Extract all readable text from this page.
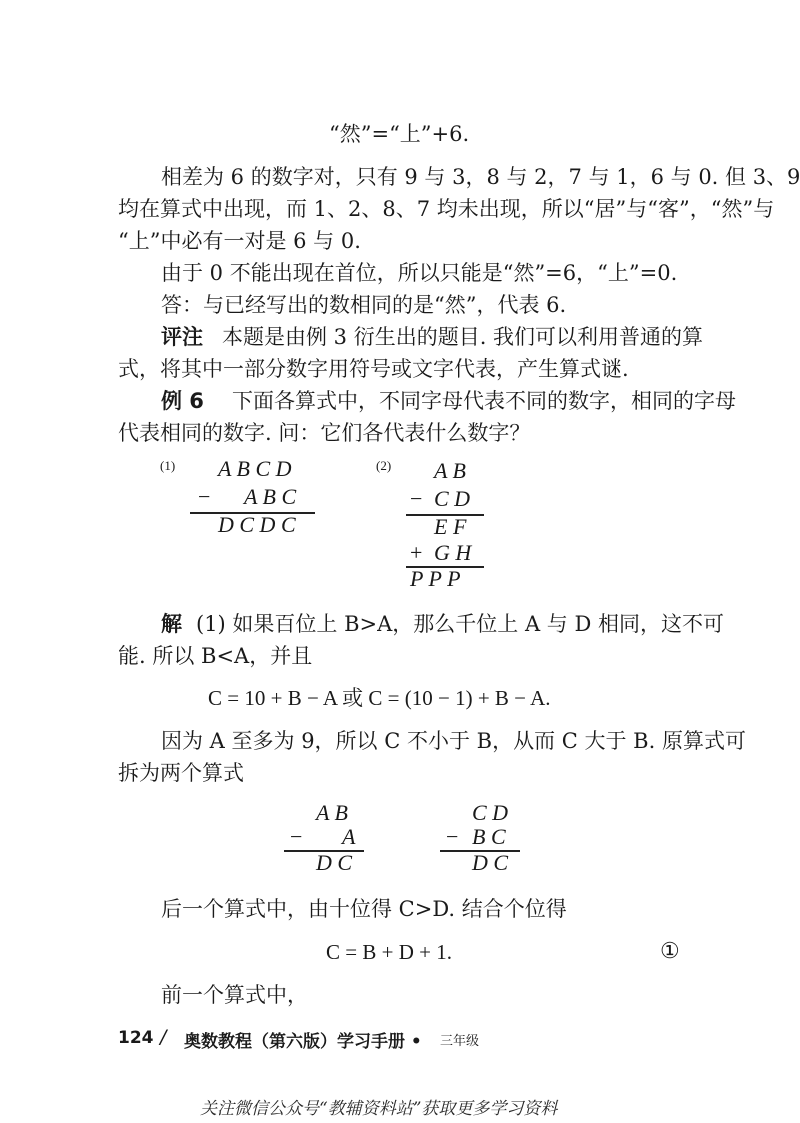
“然”=“上”+6.
相差为 6 的数字对，只有 9 与 3，8 与 2，7 与 1，6 与 0. 但 3、9
均在算式中出现，而 1、2、8、7 均未出现，所以“居”与“客”，“然”与
“上”中必有一对是 6 与 0.
由于 0 不能出现在首位，所以只能是“然”=6，“上”=0.
答：与已经写出的数相同的是“然”，代表 6.
评注 本题是由例 3 衍生出的题目. 我们可以利用普通的算
式，将其中一部分数字用符号或文字代表，产生算式谜.
例 6 下面各算式中，不同字母代表不同的数字，相同的字母
代表相同的数字. 问：它们各代表什么数字？
(1) A B C D
− A B C
D C D C
(2) A B
− C D
E F
+ G H
P P P
解 (1) 如果百位上 B>A，那么千位上 A 与 D 相同，这不可
能. 所以 B<A，并且
C = 10 + B − A 或 C = (10 − 1) + B − A.
因为 A 至多为 9，所以 C 不小于 B，从而 C 大于 B. 原算式可
拆为两个算式
A B
− A
D C
C D
− B C
D C
后一个算式中，由十位得 C>D. 结合个位得
C = B + D + 1.	①
前一个算式中，
124 / 奥数教程（第六版）学习手册 • 三年级
关注微信公众号“教辅资料站”获取更多学习资料
